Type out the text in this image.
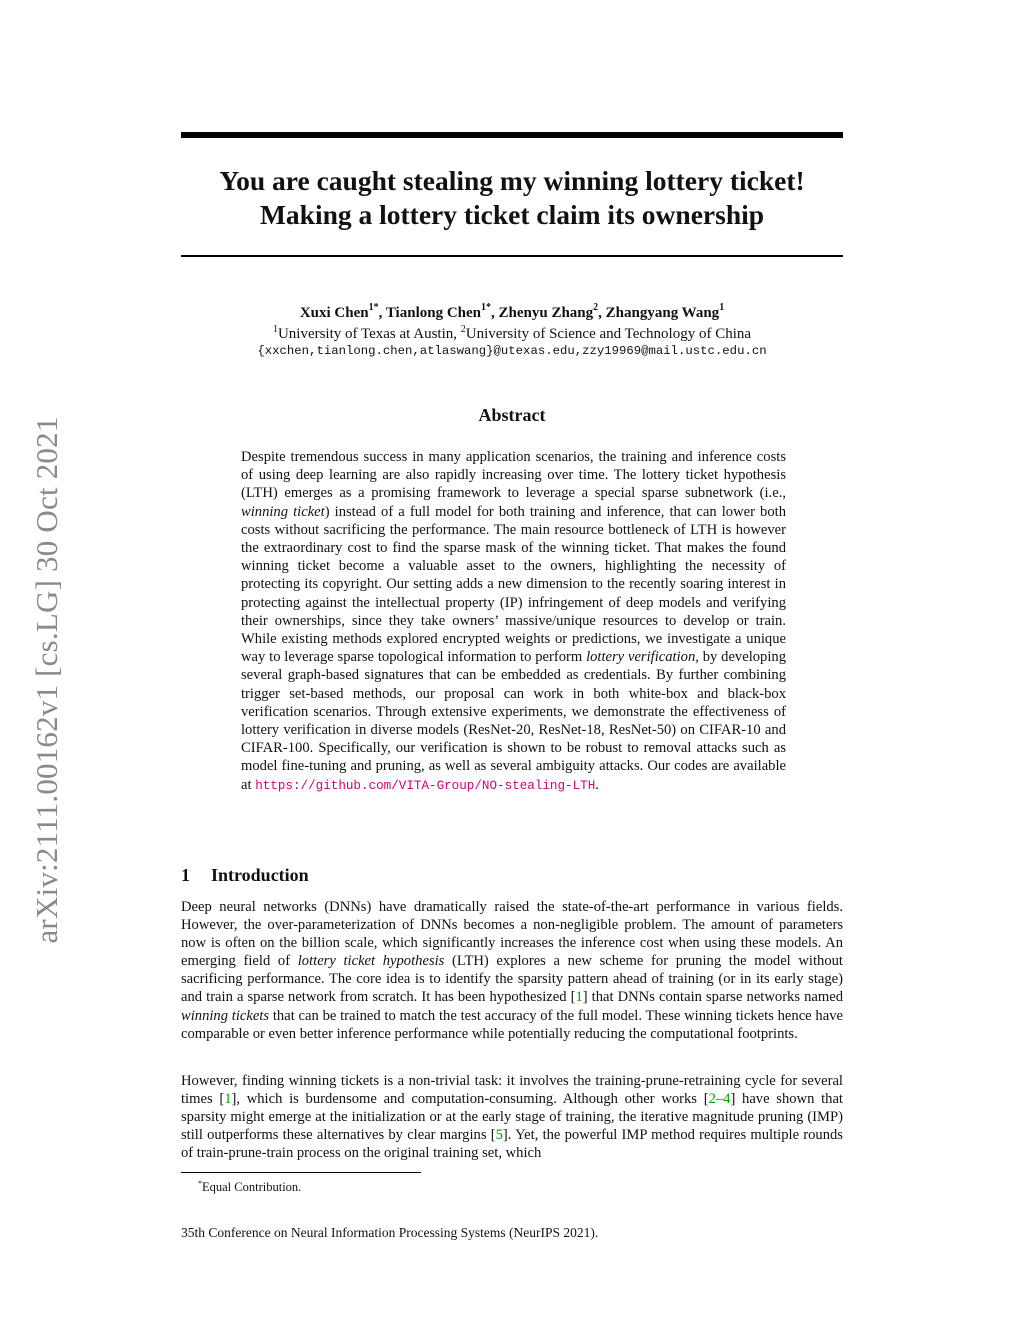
arXiv:2111.00162v1 [cs.LG] 30 Oct 2021
You are caught stealing my winning lottery ticket!
Making a lottery ticket claim its ownership
Xuxi Chen$^{1*}$, Tianlong Chen$^{1*}$, Zhenyu Zhang$^2$, Zhangyang Wang$^1$
$^1$University of Texas at Austin, $^2$University of Science and Technology of China
{xxchen,tianlong.chen,atlaswang}@utexas.edu,zzy19969@mail.ustc.edu.cn
Abstract
Despite tremendous success in many application scenarios, the training and inference costs of using deep learning are also rapidly increasing over time. The lottery ticket hypothesis (LTH) emerges as a promising framework to leverage a special sparse subnetwork (i.e., winning ticket) instead of a full model for both training and inference, that can lower both costs without sacrificing the performance. The main resource bottleneck of LTH is however the extraordinary cost to find the sparse mask of the winning ticket. That makes the found winning ticket become a valuable asset to the owners, highlighting the necessity of protecting its copyright. Our setting adds a new dimension to the recently soaring interest in protecting against the intellectual property (IP) infringement of deep models and verifying their ownerships, since they take owners’ massive/unique resources to develop or train. While existing methods explored encrypted weights or predictions, we investigate a unique way to leverage sparse topological information to perform lottery verification, by developing several graph-based signatures that can be embedded as credentials. By further combining trigger set-based methods, our proposal can work in both white-box and black-box verification scenarios. Through extensive experiments, we demonstrate the effectiveness of lottery verification in diverse models (ResNet-20, ResNet-18, ResNet-50) on CIFAR-10 and CIFAR-100. Specifically, our verification is shown to be robust to removal attacks such as model fine-tuning and pruning, as well as several ambiguity attacks. Our codes are available at https://github.com/VITA-Group/NO-stealing-LTH.
1 Introduction
Deep neural networks (DNNs) have dramatically raised the state-of-the-art performance in various fields. However, the over-parameterization of DNNs becomes a non-negligible problem. The amount of parameters now is often on the billion scale, which significantly increases the inference cost when using these models. An emerging field of lottery ticket hypothesis (LTH) explores a new scheme for pruning the model without sacrificing performance. The core idea is to identify the sparsity pattern ahead of training (or in its early stage) and train a sparse network from scratch. It has been hypothesized [1] that DNNs contain sparse networks named winning tickets that can be trained to match the test accuracy of the full model. These winning tickets hence have comparable or even better inference performance while potentially reducing the computational footprints.
However, finding winning tickets is a non-trivial task: it involves the training-prune-retraining cycle for several times [1], which is burdensome and computation-consuming. Although other works [2–4] have shown that sparsity might emerge at the initialization or at the early stage of training, the iterative magnitude pruning (IMP) still outperforms these alternatives by clear margins [5]. Yet, the powerful IMP method requires multiple rounds of train-prune-train process on the original training set, which
*Equal Contribution.
35th Conference on Neural Information Processing Systems (NeurIPS 2021).
